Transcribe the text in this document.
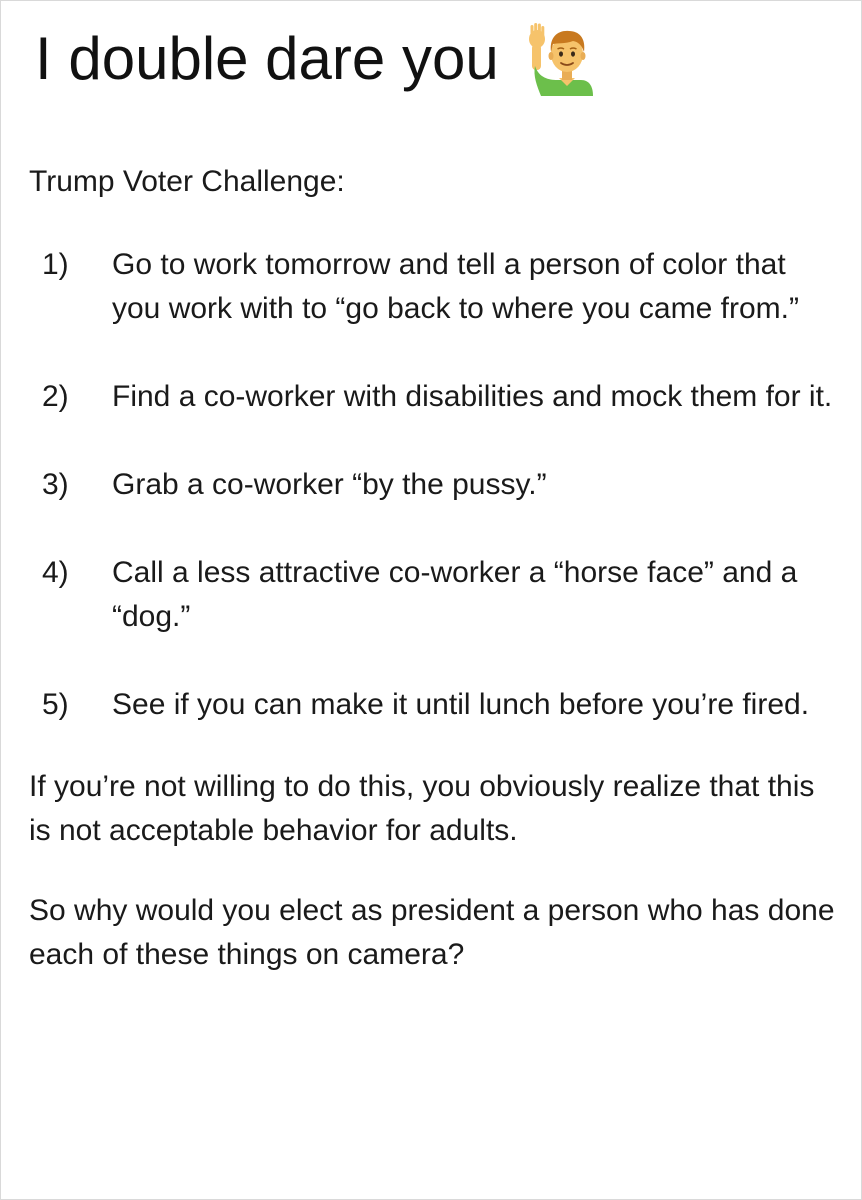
I double dare you

Trump Voter Challenge:

1)	Go to work tomorrow and tell a person of color that you work with to “go back to where you came from.”
2)	Find a co-worker with disabilities and mock them for it.
3)	Grab a co-worker “by the pussy.”
4)	Call a less attractive co-worker a “horse face” and a “dog.”
5)	See if you can make it until lunch before you’re fired.

If you’re not willing to do this, you obviously realize that this is not acceptable behavior for adults.

So why would you elect as president a person who has done each of these things on camera?
